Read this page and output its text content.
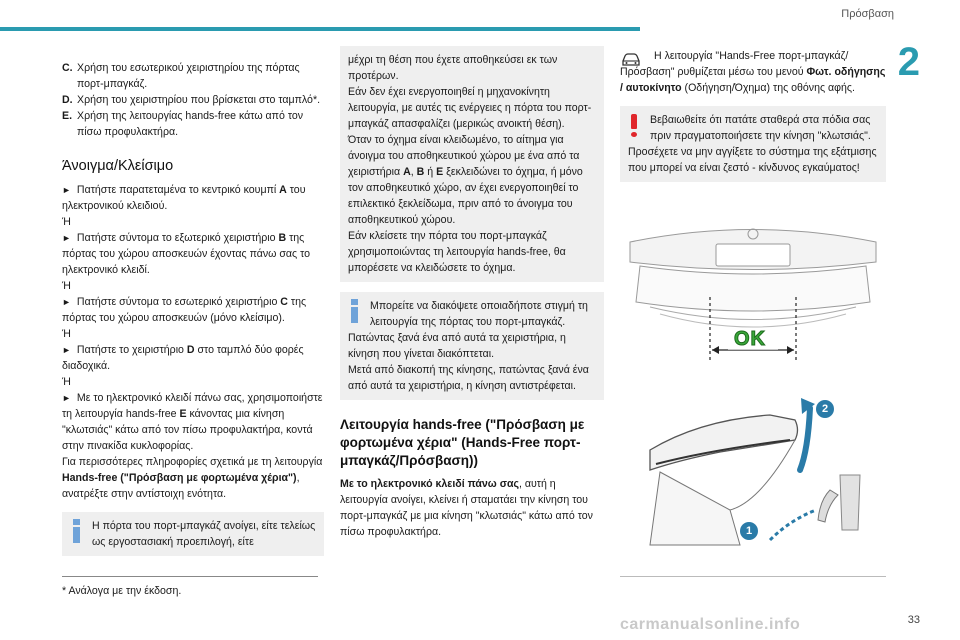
Πρόσβαση
2
C. Χρήση του εσωτερικού χειριστηρίου της πόρτας πορτ-μπαγκάζ.
D. Χρήση του χειριστηρίου που βρίσκεται στο ταμπλό*.
E. Χρήση της λειτουργίας hands-free κάτω από τον πίσω προφυλακτήρα.
Άνοιγμα/Κλείσιμο

► Πατήστε παρατεταμένα το κεντρικό κουμπί A του ηλεκτρονικού κλειδιού.

Ή

► Πατήστε σύντομα το εξωτερικό χειριστήριο B της πόρτας του χώρου αποσκευών έχοντας πάνω σας το ηλεκτρονικό κλειδί.

Ή

► Πατήστε σύντομα το εσωτερικό χειριστήριο C της πόρτας του χώρου αποσκευών (μόνο κλείσιμο).

Ή

► Πατήστε το χειριστήριο D στο ταμπλό δύο φορές διαδοχικά.

Ή

► Με το ηλεκτρονικό κλειδί πάνω σας, χρησιμοποιήστε τη λειτουργία hands-free E κάνοντας μια κίνηση "κλωτσιάς" κάτω από τον πίσω προφυλακτήρα, κοντά στην πινακίδα κυκλοφορίας.

Για περισσότερες πληροφορίες σχετικά με τη λειτουργία Hands-free ("Πρόσβαση με φορτωμένα χέρια"), ανατρέξτε στην αντίστοιχη ενότητα.

Η πόρτα του πορτ-μπαγκάζ ανοίγει, είτε τελείως ως εργοστασιακή προεπιλογή, είτε

μέχρι τη θέση που έχετε αποθηκεύσει εκ των προτέρων.

Εάν δεν έχει ενεργοποιηθεί η μηχανοκίνητη λειτουργία, με αυτές τις ενέργειες η πόρτα του πορτ-μπαγκάζ απασφαλίζει (μερικώς ανοικτή θέση).

Όταν το όχημα είναι κλειδωμένο, το αίτημα για άνοιγμα του αποθηκευτικού χώρου με ένα από τα χειριστήρια A, B ή E ξεκλειδώνει το όχημα, ή μόνο τον αποθηκευτικό χώρο, αν έχει ενεργοποιηθεί το επιλεκτικό ξεκλείδωμα, πριν από το άνοιγμα του αποθηκευτικού χώρου.

Εάν κλείσετε την πόρτα του πορτ-μπαγκάζ χρησιμοποιώντας τη λειτουργία hands-free, θα μπορέσετε να κλειδώσετε το όχημα.

Μπορείτε να διακόψετε οποιαδήποτε στιγμή τη λειτουργία της πόρτας του πορτ-μπαγκάζ.

Πατώντας ξανά ένα από αυτά τα χειριστήρια, η κίνηση που γίνεται διακόπτεται.

Μετά από διακοπή της κίνησης, πατώντας ξανά ένα από αυτά τα χειριστήρια, η κίνηση αντιστρέφεται.

Λειτουργία hands-free ("Πρόσβαση με φορτωμένα χέρια" (Hands-Free πορτ-μπαγκάζ/Πρόσβαση))

Με το ηλεκτρονικό κλειδί πάνω σας, αυτή η λειτουργία ανοίγει, κλείνει ή σταματάει την κίνηση του πορτ-μπαγκάζ με μια κίνηση "κλωτσιάς" κάτω από τον πίσω προφυλακτήρα.

Η λειτουργία "Hands-Free πορτ-μπαγκάζ/Πρόσβαση" ρυθμίζεται μέσω του μενού Φωτ. οδήγησης / αυτοκίνητο (Οδήγηση/Όχημα) της οθόνης αφής.

Βεβαιωθείτε ότι πατάτε σταθερά στα πόδια σας πριν πραγματοποιήσετε την κίνηση "κλωτσιάς".

Προσέχετε να μην αγγίξετε το σύστημα της εξάτμισης που μπορεί να είναι ζεστό - κίνδυνος εγκαύματος!

OK
2
1
* Ανάλογα με την έκδοση.
carmanualsonline.info	33
